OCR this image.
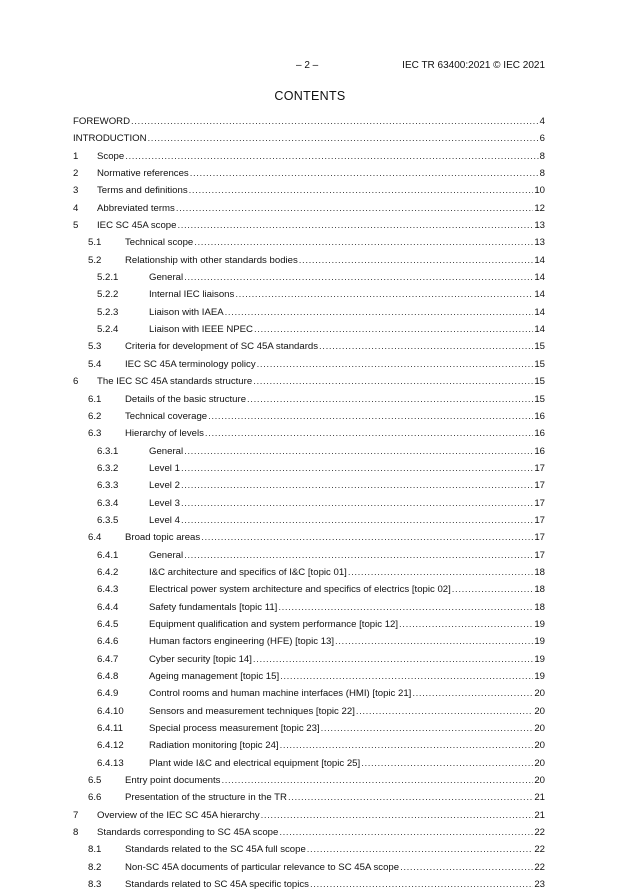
– 2 –	IEC TR 63400:2021 © IEC 2021
CONTENTS
FOREWORD .....	4
INTRODUCTION .....	6
1 Scope .....	8
2 Normative references .....	8
3 Terms and definitions .....	10
4 Abbreviated terms .....	12
5 IEC SC 45A scope .....	13
5.1 Technical scope .....	13
5.2 Relationship with other standards bodies .....	14
5.2.1	General .....	14
5.2.2	Internal IEC liaisons .....	14
5.2.3	Liaison with IAEA .....	14
5.2.4	Liaison with IEEE NPEC .....	14
5.3 Criteria for development of SC 45A standards .....	15
5.4 IEC SC 45A terminology policy .....	15
6 The IEC SC 45A standards structure .....	15
6.1 Details of the basic structure .....	15
6.2 Technical coverage .....	16
6.3 Hierarchy of levels .....	16
6.3.1	General .....	16
6.3.2	Level 1 .....	17
6.3.3	Level 2 .....	17
6.3.4	Level 3 .....	17
6.3.5	Level 4 .....	17
6.4 Broad topic areas .....	17
6.4.1	General .....	17
6.4.2	I&C architecture and specifics of I&C [topic 01] .....	18
6.4.3	Electrical power system architecture and specifics of electrics [topic 02] .....	18
6.4.4	Safety fundamentals [topic 11] .....	18
6.4.5	Equipment qualification and system performance [topic 12] .....	19
6.4.6	Human factors engineering (HFE) [topic 13] .....	19
6.4.7	Cyber security [topic 14] .....	19
6.4.8	Ageing management [topic 15] .....	19
6.4.9	Control rooms and human machine interfaces (HMI) [topic 21] .....	20
6.4.10	Sensors and measurement techniques [topic 22] .....	20
6.4.11	Special process measurement [topic 23] .....	20
6.4.12	Radiation monitoring [topic 24] .....	20
6.4.13	Plant wide I&C and electrical equipment [topic 25] .....	20
6.5 Entry point documents .....	20
6.6 Presentation of the structure in the TR .....	21
7 Overview of the IEC SC 45A hierarchy .....	21
8 Standards corresponding to SC 45A scope .....	22
8.1 Standards related to the SC 45A full scope .....	22
8.2 Non-SC 45A documents of particular relevance to SC 45A scope .....	22
8.3 Standards related to SC 45A specific topics .....	23
